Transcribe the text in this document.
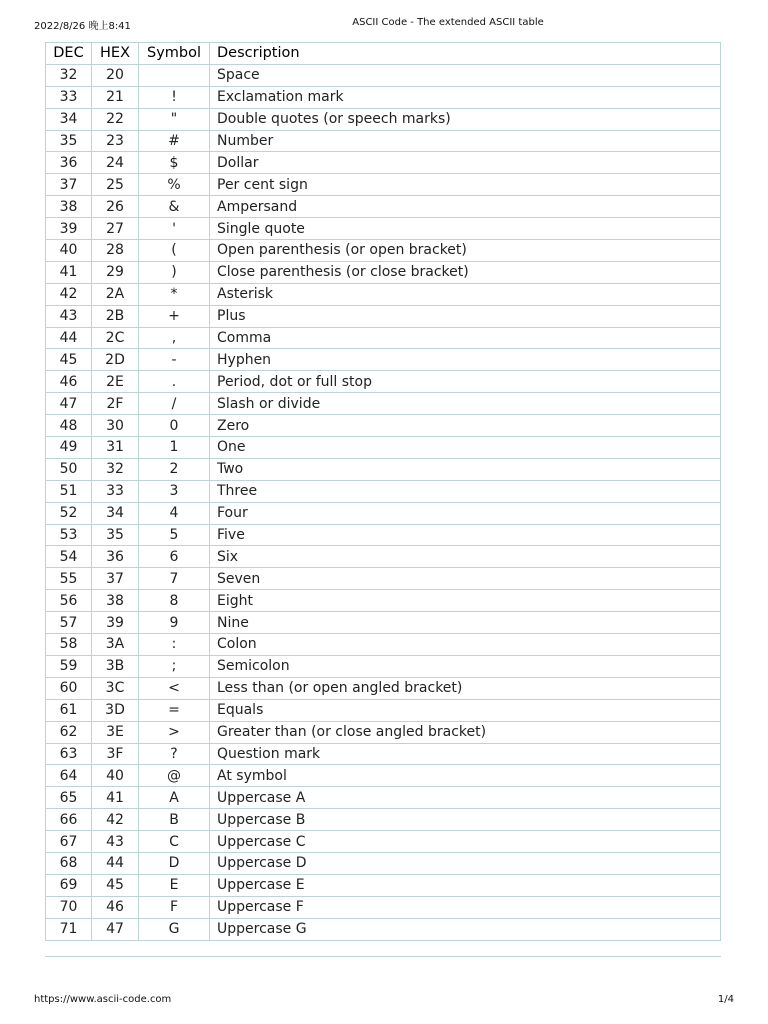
2022/8/26 晚上8:41	ASCII Code - The extended ASCII table
DEC	HEX	Symbol	Description
32	20		Space
33	21	!	Exclamation mark
34	22	"	Double quotes (or speech marks)
35	23	#	Number
36	24	$	Dollar
37	25	%	Per cent sign
38	26	&	Ampersand
39	27	'	Single quote
40	28	(	Open parenthesis (or open bracket)
41	29	)	Close parenthesis (or close bracket)
42	2A	*	Asterisk
43	2B	+	Plus
44	2C	,	Comma
45	2D	-	Hyphen
46	2E	.	Period, dot or full stop
47	2F	/	Slash or divide
48	30	0	Zero
49	31	1	One
50	32	2	Two
51	33	3	Three
52	34	4	Four
53	35	5	Five
54	36	6	Six
55	37	7	Seven
56	38	8	Eight
57	39	9	Nine
58	3A	:	Colon
59	3B	;	Semicolon
60	3C	<	Less than (or open angled bracket)
61	3D	=	Equals
62	3E	>	Greater than (or close angled bracket)
63	3F	?	Question mark
64	40	@	At symbol
65	41	A	Uppercase A
66	42	B	Uppercase B
67	43	C	Uppercase C
68	44	D	Uppercase D
69	45	E	Uppercase E
70	46	F	Uppercase F
71	47	G	Uppercase G
https://www.ascii-code.com	1/4
